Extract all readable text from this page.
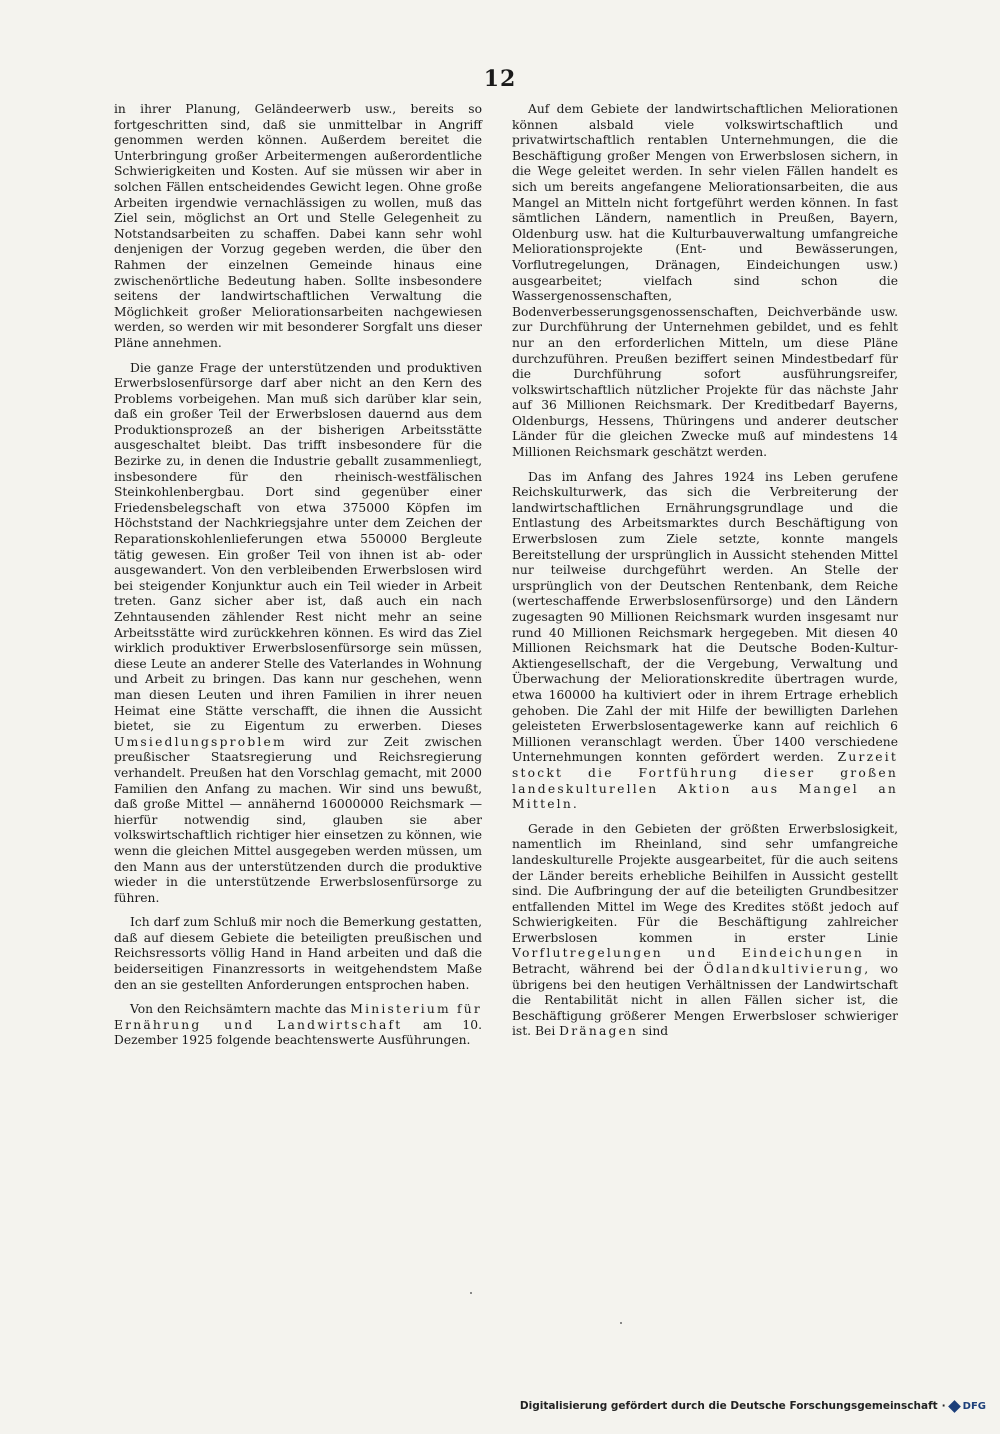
12

in ihrer Planung, Geländeerwerb usw., bereits so fortgeschritten sind, daß sie unmittelbar in Angriff genommen werden können. Außerdem bereitet die Unterbringung großer Arbeitermengen außerordentliche Schwierigkeiten und Kosten. Auf sie müssen wir aber in solchen Fällen entscheidendes Gewicht legen. Ohne große Arbeiten irgendwie vernachlässigen zu wollen, muß das Ziel sein, möglichst an Ort und Stelle Gelegenheit zu Notstandsarbeiten zu schaffen. Dabei kann sehr wohl denjenigen der Vorzug gegeben werden, die über den Rahmen der einzelnen Gemeinde hinaus eine zwischenörtliche Bedeutung haben. Sollte insbesondere seitens der landwirtschaftlichen Verwaltung die Möglichkeit großer Meliorationsarbeiten nachgewiesen werden, so werden wir mit besonderer Sorgfalt uns dieser Pläne annehmen.

Die ganze Frage der unterstützenden und produktiven Erwerbslosenfürsorge darf aber nicht an den Kern des Problems vorbeigehen. Man muß sich darüber klar sein, daß ein großer Teil der Erwerbslosen dauernd aus dem Produktionsprozeß an der bisherigen Arbeitsstätte ausgeschaltet bleibt. Das trifft insbesondere für die Bezirke zu, in denen die Industrie geballt zusammenliegt, insbesondere für den rheinisch-westfälischen Steinkohlenbergbau. Dort sind gegenüber einer Friedensbelegschaft von etwa 375000 Köpfen im Höchststand der Nachkriegsjahre unter dem Zeichen der Reparationskohlenlieferungen etwa 550000 Bergleute tätig gewesen. Ein großer Teil von ihnen ist ab- oder ausgewandert. Von den verbleibenden Erwerbslosen wird bei steigender Konjunktur auch ein Teil wieder in Arbeit treten. Ganz sicher aber ist, daß auch ein nach Zehntausenden zählender Rest nicht mehr an seine Arbeitsstätte wird zurückkehren können. Es wird das Ziel wirklich produktiver Erwerbslosenfürsorge sein müssen, diese Leute an anderer Stelle des Vaterlandes in Wohnung und Arbeit zu bringen. Das kann nur geschehen, wenn man diesen Leuten und ihren Familien in ihrer neuen Heimat eine Stätte verschafft, die ihnen die Aussicht bietet, sie zu Eigentum zu erwerben. Dieses Umsiedlungsproblem wird zur Zeit zwischen preußischer Staatsregierung und Reichsregierung verhandelt. Preußen hat den Vorschlag gemacht, mit 2000 Familien den Anfang zu machen. Wir sind uns bewußt, daß große Mittel — annähernd 16000000 Reichsmark — hierfür notwendig sind, glauben sie aber volkswirtschaftlich richtiger hier einsetzen zu können, wie wenn die gleichen Mittel ausgegeben werden müssen, um den Mann aus der unterstützenden durch die produktive wieder in die unterstützende Erwerbslosenfürsorge zu führen.

Ich darf zum Schluß mir noch die Bemerkung gestatten, daß auf diesem Gebiete die beteiligten preußischen und Reichsressorts völlig Hand in Hand arbeiten und daß die beiderseitigen Finanzressorts in weitgehendstem Maße den an sie gestellten Anforderungen entsprochen haben.

Von den Reichsämtern machte das Ministerium für Ernährung und Landwirtschaft am 10. Dezember 1925 folgende beachtenswerte Ausführungen.

Auf dem Gebiete der landwirtschaftlichen Meliorationen können alsbald viele volkswirtschaftlich und privatwirtschaftlich rentablen Unternehmungen, die die Beschäftigung großer Mengen von Erwerbslosen sichern, in die Wege geleitet werden. In sehr vielen Fällen handelt es sich um bereits angefangene Meliorationsarbeiten, die aus Mangel an Mitteln nicht fortgeführt werden können. In fast sämtlichen Ländern, namentlich in Preußen, Bayern, Oldenburg usw. hat die Kulturbauverwaltung umfangreiche Meliorationsprojekte (Ent- und Bewässerungen, Vorflutregelungen, Dränagen, Eindeichungen usw.) ausgearbeitet; vielfach sind schon die Wassergenossenschaften, Bodenverbesserungsgenossenschaften, Deichverbände usw. zur Durchführung der Unternehmen gebildet, und es fehlt nur an den erforderlichen Mitteln, um diese Pläne durchzuführen. Preußen beziffert seinen Mindestbedarf für die Durchführung sofort ausführungsreifer, volkswirtschaftlich nützlicher Projekte für das nächste Jahr auf 36 Millionen Reichsmark. Der Kreditbedarf Bayerns, Oldenburgs, Hessens, Thüringens und anderer deutscher Länder für die gleichen Zwecke muß auf mindestens 14 Millionen Reichsmark geschätzt werden.

Das im Anfang des Jahres 1924 ins Leben gerufene Reichskulturwerk, das sich die Verbreiterung der landwirtschaftlichen Ernährungsgrundlage und die Entlastung des Arbeitsmarktes durch Beschäftigung von Erwerbslosen zum Ziele setzte, konnte mangels Bereitstellung der ursprünglich in Aussicht stehenden Mittel nur teilweise durchgeführt werden. An Stelle der ursprünglich von der Deutschen Rentenbank, dem Reiche (werteschaffende Erwerbslosenfürsorge) und den Ländern zugesagten 90 Millionen Reichsmark wurden insgesamt nur rund 40 Millionen Reichsmark hergegeben. Mit diesen 40 Millionen Reichsmark hat die Deutsche Boden-Kultur-Aktiengesellschaft, der die Vergebung, Verwaltung und Überwachung der Meliorationskredite übertragen wurde, etwa 160000 ha kultiviert oder in ihrem Ertrage erheblich gehoben. Die Zahl der mit Hilfe der bewilligten Darlehen geleisteten Erwerbslosentagewerke kann auf reichlich 6 Millionen veranschlagt werden. Über 1400 verschiedene Unternehmungen konnten gefördert werden. Zurzeit stockt die Fortführung dieser großen landeskulturellen Aktion aus Mangel an Mitteln.

Gerade in den Gebieten der größten Erwerbslosigkeit, namentlich im Rheinland, sind sehr umfangreiche landeskulturelle Projekte ausgearbeitet, für die auch seitens der Länder bereits erhebliche Beihilfen in Aussicht gestellt sind. Die Aufbringung der auf die beteiligten Grundbesitzer entfallenden Mittel im Wege des Kredites stößt jedoch auf Schwierigkeiten. Für die Beschäftigung zahlreicher Erwerbslosen kommen in erster Linie Vorflutregelungen und Eindeichungen in Betracht, während bei der Ödlandkultivierung, wo übrigens bei den heutigen Verhältnissen der Landwirtschaft die Rentabilität nicht in allen Fällen sicher ist, die Beschäftigung größerer Mengen Erwerbsloser schwieriger ist. Bei Dränagen sind

Digitalisierung gefördert durch die Deutsche Forschungsgemeinschaft · DFG
